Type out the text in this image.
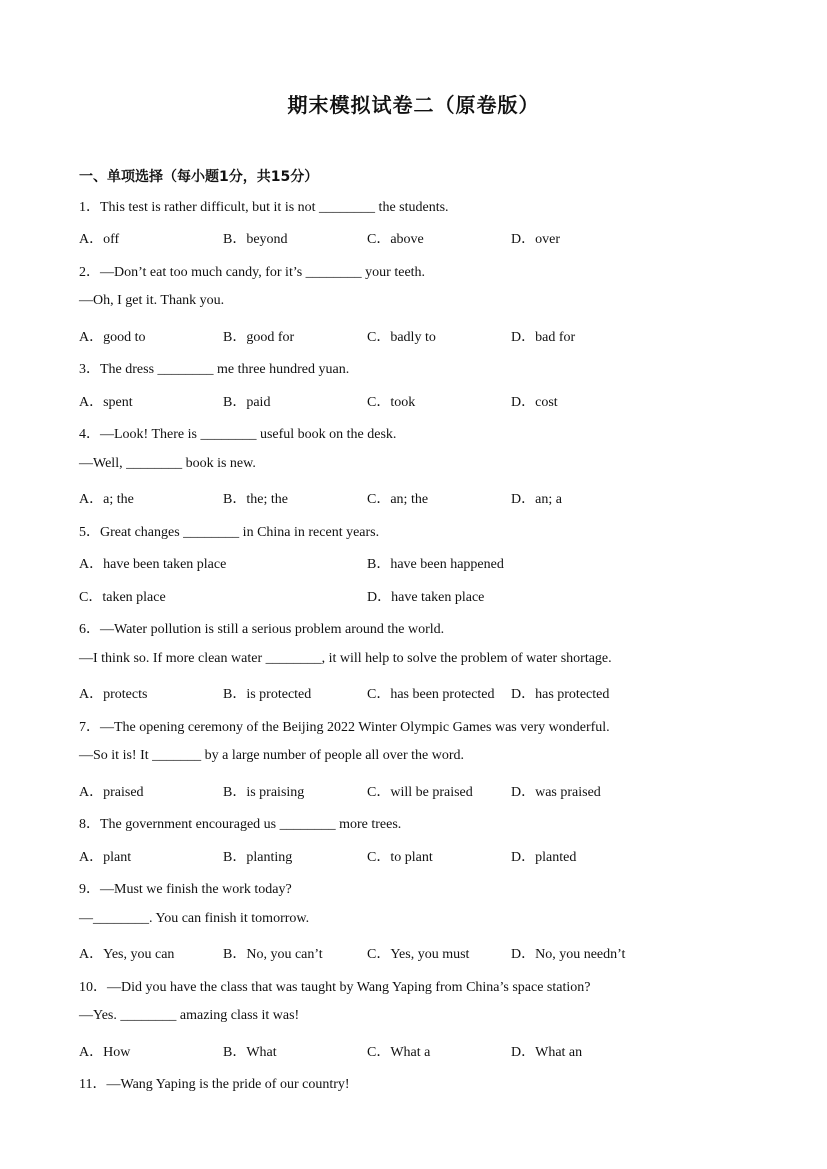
期末模拟试卷二（原卷版）
一、单项选择（每小题1分，共15分）
1．This test is rather difficult, but it is not ________ the students.
A．off	B．beyond	C．above	D．over
2．—Don’t eat too much candy, for it’s ________ your teeth.
—Oh, I get it. Thank you.
A．good to	B．good for	C．badly to	D．bad for
3．The dress ________ me three hundred yuan.
A．spent	B．paid	C．took	D．cost
4．—Look! There is ________ useful book on the desk.
—Well, ________ book is new.
A．a; the	B．the; the	C．an; the	D．an; a
5．Great changes ________ in China in recent years.
A．have been taken place	B．have been happened
C．taken place	D．have taken place
6．—Water pollution is still a serious problem around the world.
—I think so. If more clean water ________, it will help to solve the problem of water shortage.
A．protects	B．is protected	C．has been protected D．has protected
7．—The opening ceremony of the Beijing 2022 Winter Olympic Games was very wonderful.
—So it is! It _______ by a large number of people all over the word.
A．praised	B．is praising	C．will be praised	D．was praised
8．The government encouraged us ________ more trees.
A．plant	B．planting	C．to plant	D．planted
9．—Must we finish the work today?
—________. You can finish it tomorrow.
A．Yes, you can	B．No, you can’t	C．Yes, you must	D．No, you needn’t
10．—Did you have the class that was taught by Wang Yaping from China’s space station?
—Yes. ________ amazing class it was!
A．How	B．What	C．What a	D．What an
11．—Wang Yaping is the pride of our country!
